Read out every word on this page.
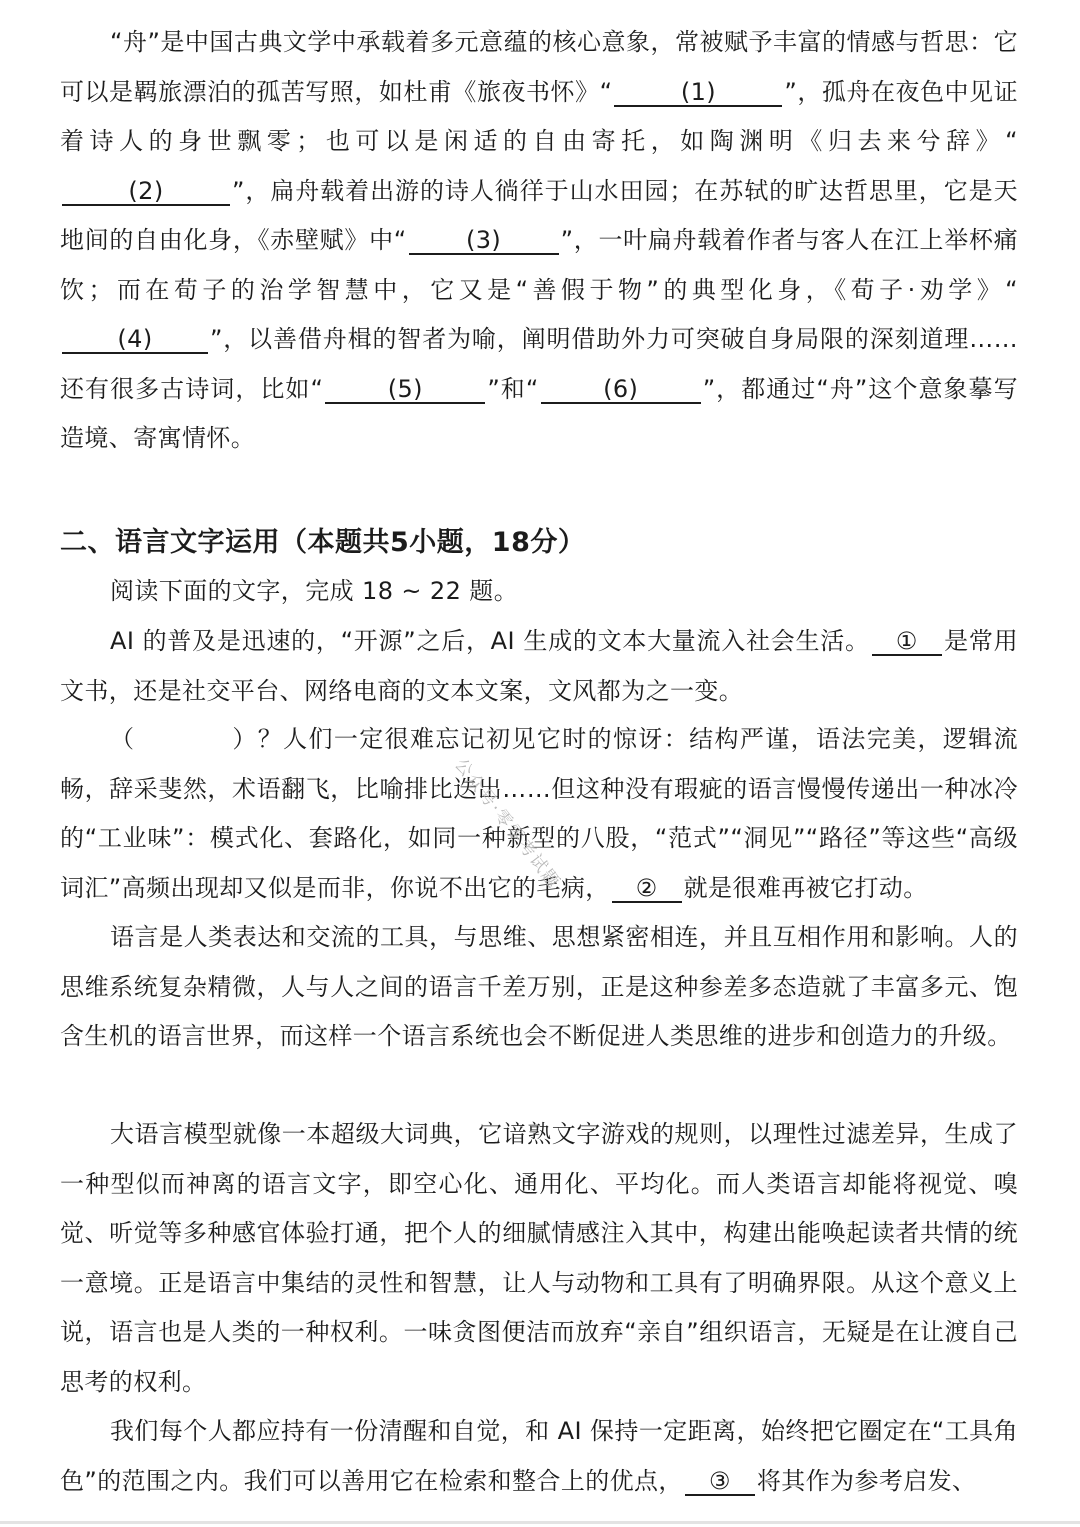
“舟”是中国古典文学中承载着多元意蕴的核心意象，常被赋予丰富的情感与哲思：它可以是羁旅漂泊的孤苦写照，如杜甫《旅夜书怀》“	(1)	”，孤舟在夜色中见证着诗人的身世飘零；也可以是闲适的自由寄托，如陶渊明《归去来兮辞》“(2)	”，扁舟载着出游的诗人徜徉于山水田园；在苏轼的旷达哲思里，它是天地间的自由化身，《赤壁赋》中“ (3) ”，一叶扁舟载着作者与客人在江上举杯痛饮；而在荀子的治学智慧中，它又是“善假于物”的典型化身，《荀子·劝学》“(4) ”，以善借舟楫的智者为喻，阐明借助外力可突破自身局限的深刻道理……还有很多古诗词，比如“	(5)	”和“	(6)	”，都通过“舟”这个意象摹写造境、寄寓情怀。

二、语言文字运用（本题共5小题，18分）

阅读下面的文字，完成 18 ~ 22 题。

AI 的普及是迅速的，“开源”之后，AI 生成的文本大量流入社会生活。 ① 是常用文书，还是社交平台、网络电商的文本文案，文风都为之一变。

（	）？人们一定很难忘记初见它时的惊讶：结构严谨，语法完美，逻辑流畅，辞采斐然，术语翻飞，比喻排比迭出……但这种没有瑕疵的语言慢慢传递出一种冰冷的“工业味”：模式化、套路化，如同一种新型的八股，“范式”“洞见”“路径”等这些“高级词汇”高频出现却又似是而非，你说不出它的毛病， ② 就是很难再被它打动。

语言是人类表达和交流的工具，与思维、思想紧密相连，并且互相作用和影响。人的思维系统复杂精微，人与人之间的语言千差万别，正是这种参差多态造就了丰富多元、饱含生机的语言世界，而这样一个语言系统也会不断促进人类思维的进步和创造力的升级。

大语言模型就像一本超级大词典，它谙熟文字游戏的规则，以理性过滤差异，生成了一种型似而神离的语言文字，即空心化、通用化、平均化。而人类语言却能将视觉、嗅觉、听觉等多种感官体验打通，把个人的细腻情感注入其中，构建出能唤起读者共情的统一意境。正是语言中集结的灵性和智慧，让人与动物和工具有了明确界限。从这个意义上说，语言也是人类的一种权利。一味贪图便洁而放弃“亲自”组织语言，无疑是在让渡自己思考的权利。

我们每个人都应持有一份清醒和自觉，和 AI 保持一定距离，始终把它圈定在“工具角色”的范围之内。我们可以善用它在检索和整合上的优点， ③ 将其作为参考启发、

公众号·零零考试题
